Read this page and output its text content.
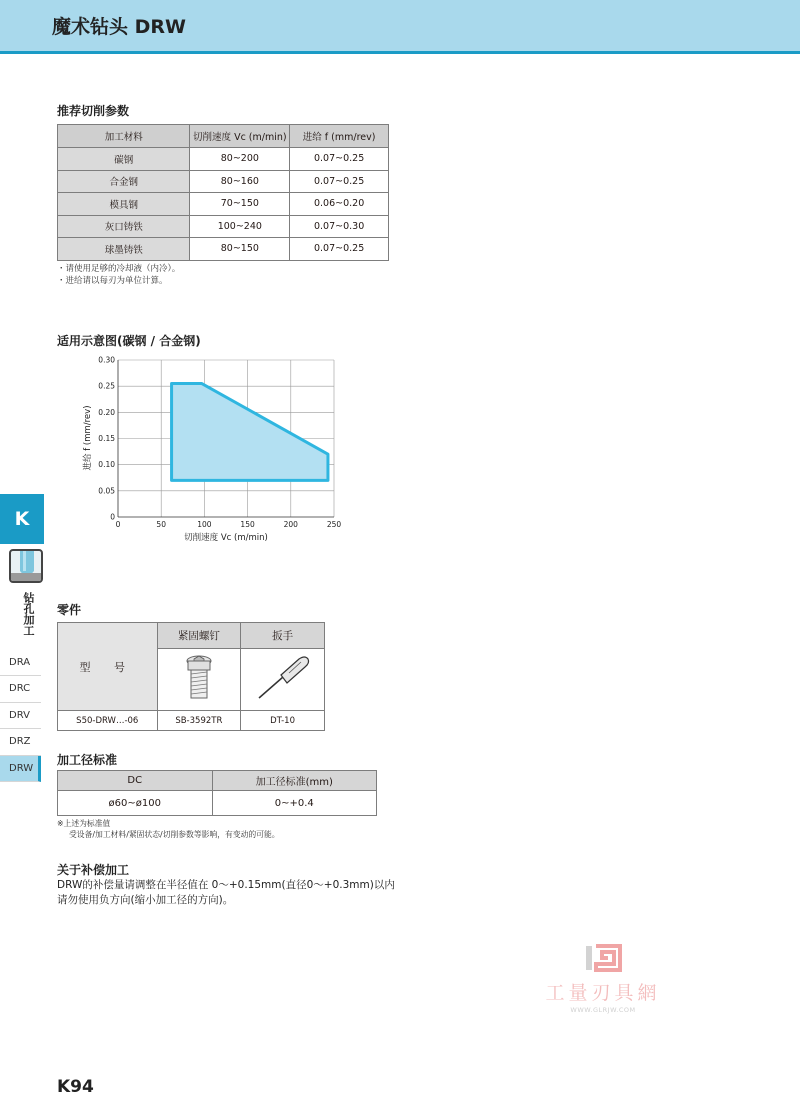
魔术钻头 DRW
推荐切削参数
加工材料	切削速度 Vc (m/min)	进给 f (mm/rev)
碳钢	80~200	0.07~0.25
合金钢	80~160	0.07~0.25
模具钢	70~150	0.06~0.20
灰口铸铁	100~240	0.07~0.30
球墨铸铁	80~150	0.07~0.25
・请使用足够的冷却液（内冷）。
・进给请以每刃为单位计算。
适用示意图(碳钢 / 合金钢)
0	50	100	150	200	250
0
0.05
0.10
0.15
0.20
0.25
0.30
切削速度 Vc (m/min)
进给 f (mm/rev)
K
钻孔加工
DRA
DRC
DRV
DRZ
DRW
零件
型 号	紧固螺钉	扳手

S50-DRW…-06	SB-3592TR	DT-10
加工径标准
DC	加工径标准(mm)
ø60~ø100	0~+0.4
※上述为标准值
受设备/加工材料/紧固状态/切削参数等影响，有变动的可能。
关于补偿加工
DRW的补偿量请调整在半径值在 0～+0.15mm(直径0～+0.3mm)以内
请勿使用负方向(缩小加工径的方向)。
工量刃具網
WWW.GLRJW.COM
K94
